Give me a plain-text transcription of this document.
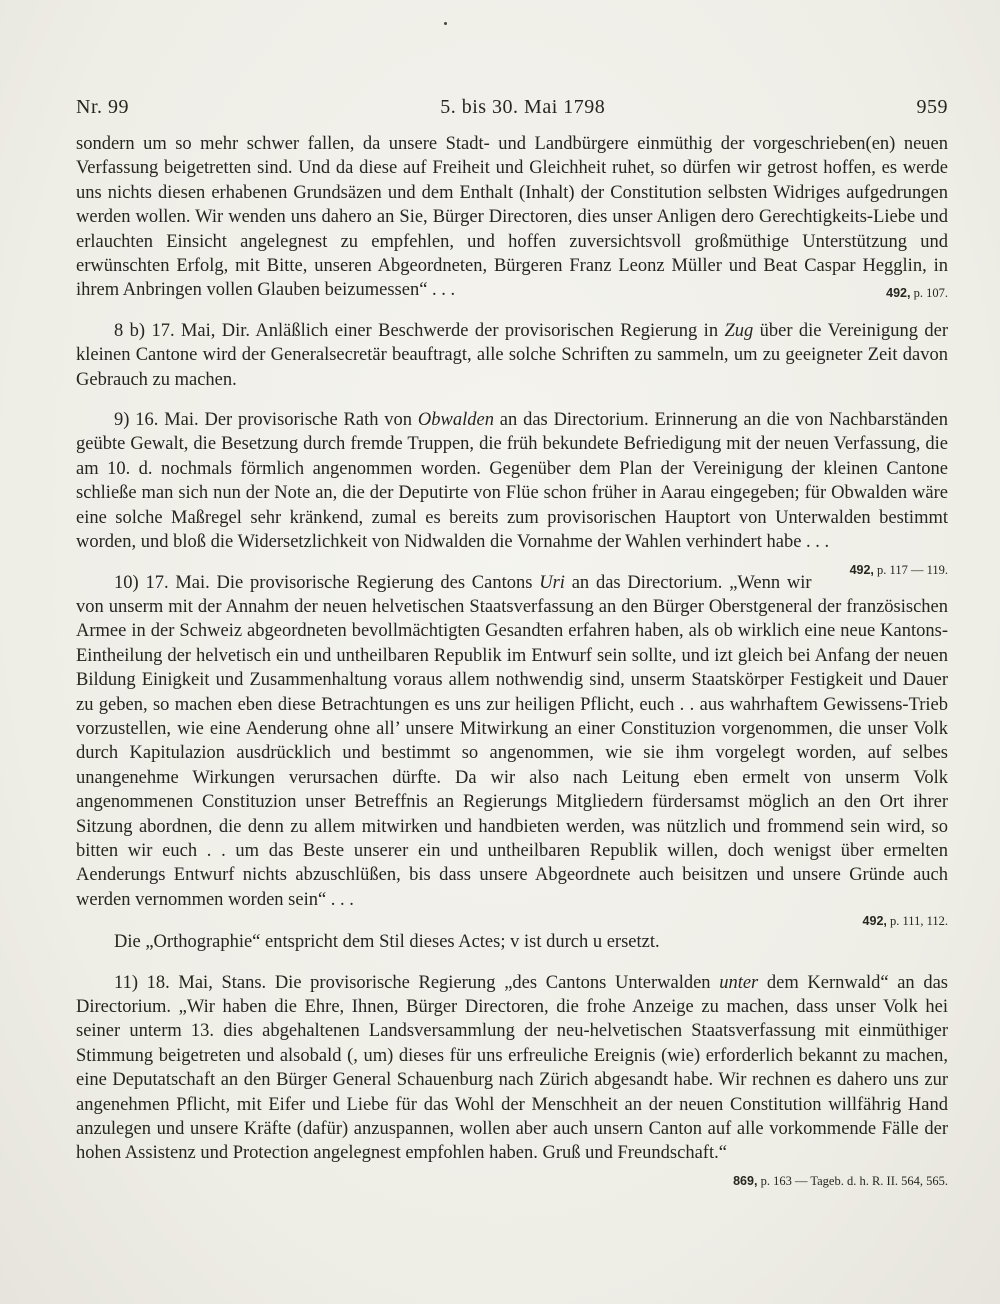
Nr. 99	5. bis 30. Mai 1798	959

sondern um so mehr schwer fallen, da unsere Stadt- und Landbürgere einmüthig der vorgeschrieben(en) neuen Verfassung beigetretten sind. Und da diese auf Freiheit und Gleichheit ruhet, so dürfen wir getrost hoffen, es werde uns nichts diesen erhabenen Grundsäzen und dem Enthalt (Inhalt) der Constitution selbsten Widriges aufgedrungen werden wollen. Wir wenden uns dahero an Sie, Bürger Directoren, dies unser Anligen dero Gerechtigkeits-Liebe und erlauchten Einsicht angelegnest zu empfehlen, und hoffen zuversichtsvoll großmüthige Unterstützung und erwünschten Erfolg, mit Bitte, unseren Abgeordneten, Bürgeren Franz Leonz Müller und Beat Caspar Hegglin, in ihrem Anbringen vollen Glauben beizumessen“ . . .	492, p. 107.

8 b) 17. Mai, Dir. Anläßlich einer Beschwerde der provisorischen Regierung in Zug über die Vereinigung der kleinen Cantone wird der Generalsecretär beauftragt, alle solche Schriften zu sammeln, um zu geeigneter Zeit davon Gebrauch zu machen.

9) 16. Mai. Der provisorische Rath von Obwalden an das Directorium. Erinnerung an die von Nachbarständen geübte Gewalt, die Besetzung durch fremde Truppen, die früh bekundete Befriedigung mit der neuen Verfassung, die am 10. d. nochmals förmlich angenommen worden. Gegenüber dem Plan der Vereinigung der kleinen Cantone schließe man sich nun der Note an, die der Deputirte von Flüe schon früher in Aarau eingegeben; für Obwalden wäre eine solche Maßregel sehr kränkend, zumal es bereits zum provisorischen Hauptort von Unterwalden bestimmt worden, und bloß die Widersetzlichkeit von Nidwalden die Vornahme der Wahlen verhindert habe . . .
492, p. 117 — 119.

10) 17. Mai. Die provisorische Regierung des Cantons Uri an das Directorium. „Wenn wir von unserm mit der Annahm der neuen helvetischen Staatsverfassung an den Bürger Oberstgeneral der französischen Armee in der Schweiz abgeordneten bevollmächtigten Gesandten erfahren haben, als ob wirklich eine neue Kantons-Eintheilung der helvetisch ein und untheilbaren Republik im Entwurf sein sollte, und izt gleich bei Anfang der neuen Bildung Einigkeit und Zusammenhaltung voraus allem nothwendig sind, unserm Staatskörper Festigkeit und Dauer zu geben, so machen eben diese Betrachtungen es uns zur heiligen Pflicht, euch . . aus wahrhaftem Gewissens-Trieb vorzustellen, wie eine Aenderung ohne all’ unsere Mitwirkung an einer Constituzion vorgenommen, die unser Volk durch Kapitulazion ausdrücklich und bestimmt so angenommen, wie sie ihm vorgelegt worden, auf selbes unangenehme Wirkungen verursachen dürfte. Da wir also nach Leitung eben ermelt von unserm Volk angenommenen Constituzion unser Betreffnis an Regierungs Mitgliedern fürdersamst möglich an den Ort ihrer Sitzung abordnen, die denn zu allem mitwirken und handbieten werden, was nützlich und frommend sein wird, so bitten wir euch . . um das Beste unserer ein und untheilbaren Republik willen, doch wenigst über ermelten Aenderungs Entwurf nichts abzuschlüßen, bis dass unsere Abgeordnete auch beisitzen und unsere Gründe auch werden vernommen worden sein“ . . .

492, p. 111, 112.

Die „Orthographie“ entspricht dem Stil dieses Actes; v ist durch u ersetzt.

11) 18. Mai, Stans. Die provisorische Regierung „des Cantons Unterwalden unter dem Kernwald“ an das Directorium. „Wir haben die Ehre, Ihnen, Bürger Directoren, die frohe Anzeige zu machen, dass unser Volk hei seiner unterm 13. dies abgehaltenen Landsversammlung der neu-helvetischen Staatsverfassung mit einmüthiger Stimmung beigetreten und alsobald (, um) dieses für uns erfreuliche Ereignis (wie) erforderlich bekannt zu machen, eine Deputatschaft an den Bürger General Schauenburg nach Zürich abgesandt habe. Wir rechnen es dahero uns zur angenehmen Pflicht, mit Eifer und Liebe für das Wohl der Menschheit an der neuen Constitution willfährig Hand anzulegen und unsere Kräfte (dafür) anzuspannen, wollen aber auch unsern Canton auf alle vorkommende Fälle der hohen Assistenz und Protection angelegnest empfohlen haben. Gruß und Freundschaft.“
869, p. 163 — Tageb. d. h. R. II. 564, 565.
